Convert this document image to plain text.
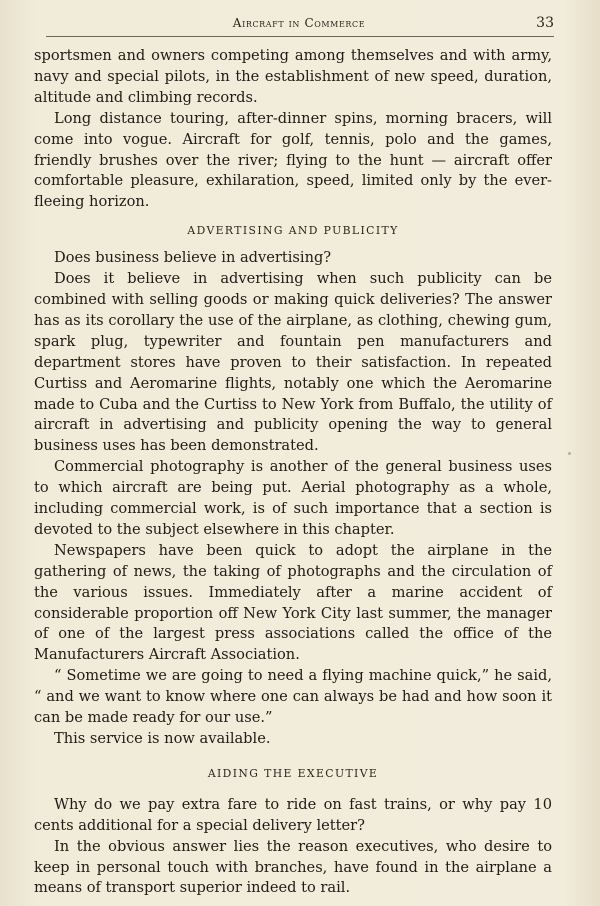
Aircraft in Commerce	33

sportsmen and owners competing among themselves and with army, navy and special pilots, in the establishment of new speed, duration, altitude and climbing records.

Long distance touring, after-dinner spins, morning bracers, will come into vogue. Aircraft for golf, tennis, polo and the games, friendly brushes over the river; flying to the hunt — aircraft offer comfortable pleasure, exhilaration, speed, limited only by the ever-fleeing horizon.

ADVERTISING AND PUBLICITY

Does business believe in advertising?

Does it believe in advertising when such publicity can be combined with selling goods or making quick deliveries? The answer has as its corollary the use of the airplane, as clothing, chewing gum, spark plug, typewriter and fountain pen manufacturers and department stores have proven to their satisfaction. In repeated Curtiss and Aeromarine flights, notably one which the Aeromarine made to Cuba and the Curtiss to New York from Buffalo, the utility of aircraft in advertising and publicity opening the way to general business uses has been demonstrated.

Commercial photography is another of the general business uses to which aircraft are being put. Aerial photography as a whole, including commercial work, is of such importance that a section is devoted to the subject elsewhere in this chapter.

Newspapers have been quick to adopt the airplane in the gathering of news, the taking of photographs and the circulation of the various issues. Immediately after a marine accident of considerable proportion off New York City last summer, the manager of one of the largest press associations called the office of the Manufacturers Aircraft Association.

“ Sometime we are going to need a flying machine quick,” he said, “ and we want to know where one can always be had and how soon it can be made ready for our use.”

This service is now available.

AIDING THE EXECUTIVE

Why do we pay extra fare to ride on fast trains, or why pay 10 cents additional for a special delivery letter?

In the obvious answer lies the reason executives, who desire to keep in personal touch with branches, have found in the airplane a means of transport superior indeed to rail.
